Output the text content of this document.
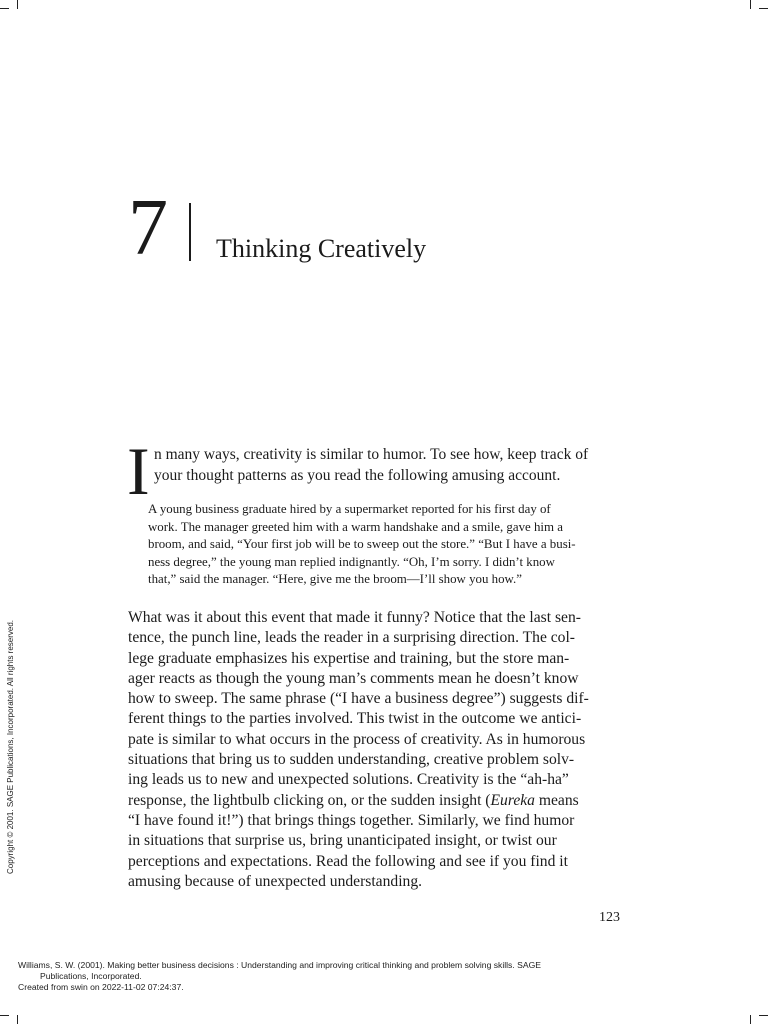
7 Thinking Creatively
I n many ways, creativity is similar to humor. To see how, keep track of
your thought patterns as you read the following amusing account.
A young business graduate hired by a supermarket reported for his first day of
work. The manager greeted him with a warm handshake and a smile, gave him a
broom, and said, “Your first job will be to sweep out the store.” “But I have a busi-
ness degree,” the young man replied indignantly. “Oh, I’m sorry. I didn’t know
that,” said the manager. “Here, give me the broom—I’ll show you how.”
What was it about this event that made it funny? Notice that the last sen-
tence, the punch line, leads the reader in a surprising direction. The col-
lege graduate emphasizes his expertise and training, but the store man-
ager reacts as though the young man’s comments mean he doesn’t know
how to sweep. The same phrase (“I have a business degree”) suggests dif-
ferent things to the parties involved. This twist in the outcome we antici-
pate is similar to what occurs in the process of creativity. As in humorous
situations that bring us to sudden understanding, creative problem solv-
ing leads us to new and unexpected solutions. Creativity is the “ah-ha”
response, the lightbulb clicking on, or the sudden insight (Eureka means
“I have found it!”) that brings things together. Similarly, we find humor
in situations that surprise us, bring unanticipated insight, or twist our
perceptions and expectations. Read the following and see if you find it
amusing because of unexpected understanding.
123
Copyright © 2001. SAGE Publications, Incorporated. All rights reserved.
Williams, S. W. (2001). Making better business decisions : Understanding and improving critical thinking and problem solving skills. SAGE
Publications, Incorporated.
Created from swin on 2022-11-02 07:24:37.
